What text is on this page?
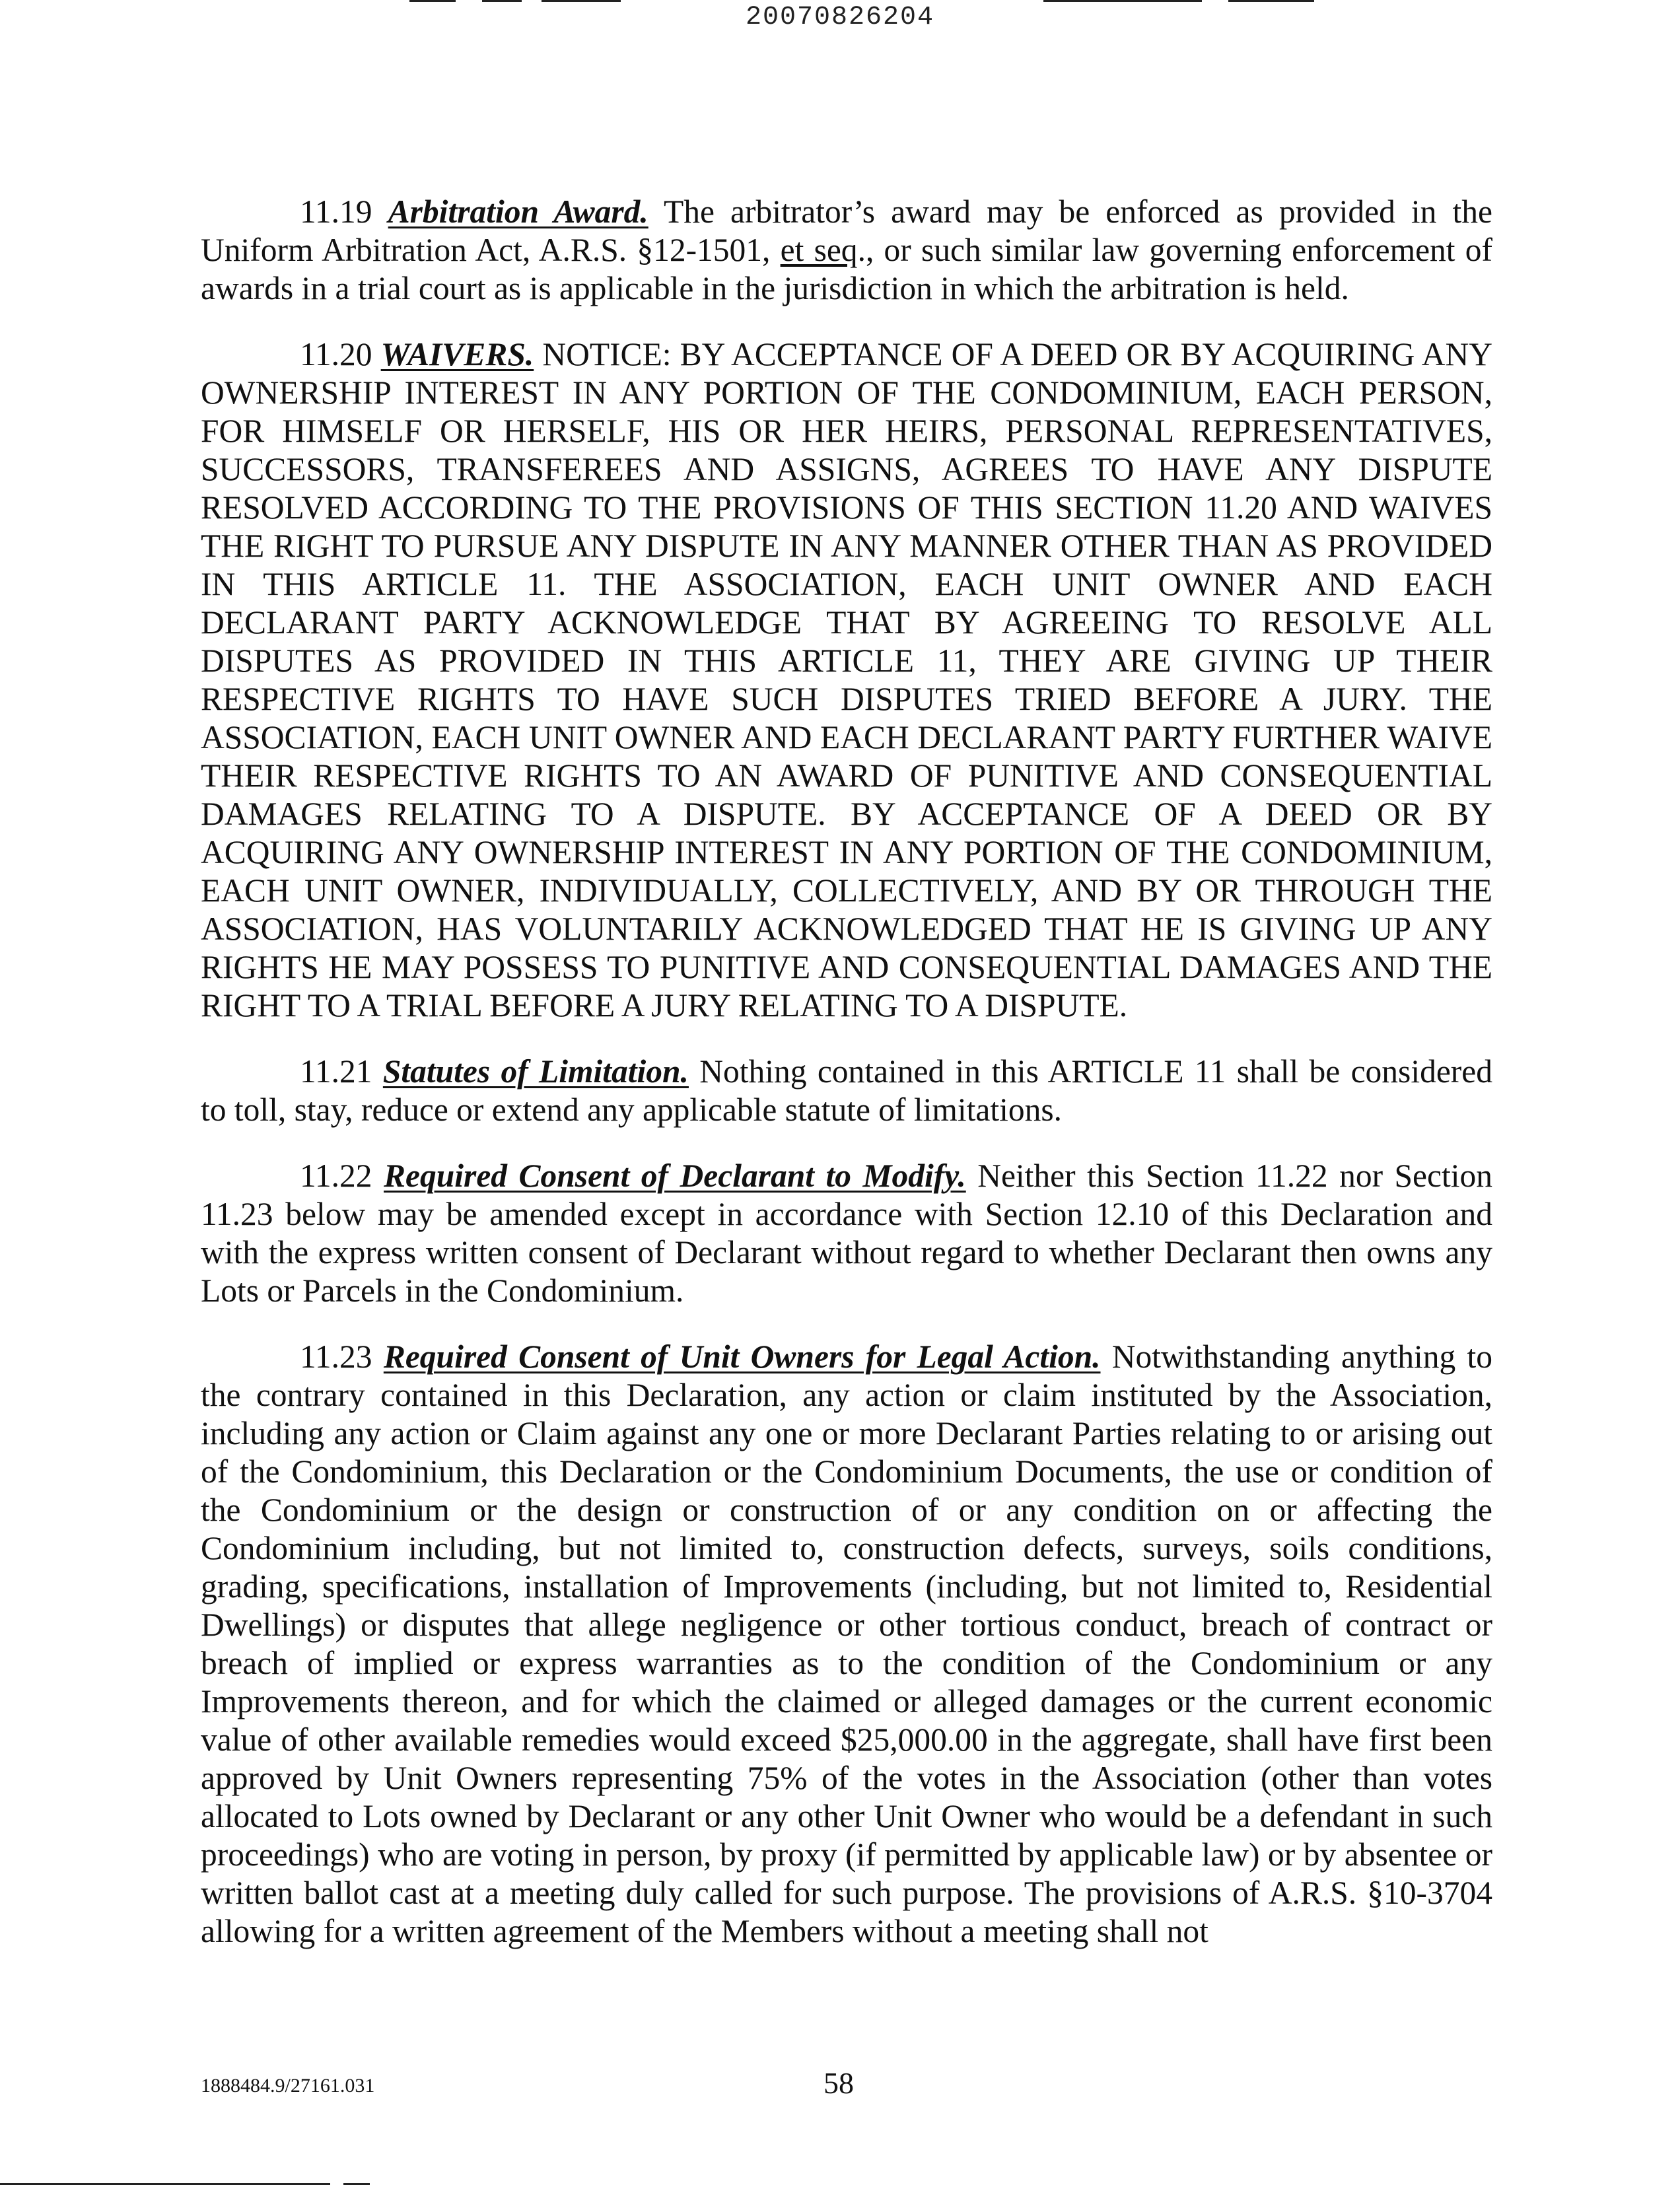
20070826204

11.19 Arbitration Award. The arbitrator’s award may be enforced as provided in the Uniform Arbitration Act, A.R.S. §12-1501, et seq., or such similar law governing enforcement of awards in a trial court as is applicable in the jurisdiction in which the arbitration is held.

11.20 WAIVERS. NOTICE: BY ACCEPTANCE OF A DEED OR BY ACQUIRING ANY OWNERSHIP INTEREST IN ANY PORTION OF THE CONDOMINIUM, EACH PERSON, FOR HIMSELF OR HERSELF, HIS OR HER HEIRS, PERSONAL REPRESENTATIVES, SUCCESSORS, TRANSFEREES AND ASSIGNS, AGREES TO HAVE ANY DISPUTE RESOLVED ACCORDING TO THE PROVISIONS OF THIS SECTION 11.20 AND WAIVES THE RIGHT TO PURSUE ANY DISPUTE IN ANY MANNER OTHER THAN AS PROVIDED IN THIS ARTICLE 11. THE ASSOCIATION, EACH UNIT OWNER AND EACH DECLARANT PARTY ACKNOWLEDGE THAT BY AGREEING TO RESOLVE ALL DISPUTES AS PROVIDED IN THIS ARTICLE 11, THEY ARE GIVING UP THEIR RESPECTIVE RIGHTS TO HAVE SUCH DISPUTES TRIED BEFORE A JURY. THE ASSOCIATION, EACH UNIT OWNER AND EACH DECLARANT PARTY FURTHER WAIVE THEIR RESPECTIVE RIGHTS TO AN AWARD OF PUNITIVE AND CONSEQUENTIAL DAMAGES RELATING TO A DISPUTE. BY ACCEPTANCE OF A DEED OR BY ACQUIRING ANY OWNERSHIP INTEREST IN ANY PORTION OF THE CONDOMINIUM, EACH UNIT OWNER, INDIVIDUALLY, COLLECTIVELY, AND BY OR THROUGH THE ASSOCIATION, HAS VOLUNTARILY ACKNOWLEDGED THAT HE IS GIVING UP ANY RIGHTS HE MAY POSSESS TO PUNITIVE AND CONSEQUENTIAL DAMAGES AND THE RIGHT TO A TRIAL BEFORE A JURY RELATING TO A DISPUTE.

11.21 Statutes of Limitation. Nothing contained in this ARTICLE 11 shall be considered to toll, stay, reduce or extend any applicable statute of limitations.

11.22 Required Consent of Declarant to Modify. Neither this Section 11.22 nor Section 11.23 below may be amended except in accordance with Section 12.10 of this Declaration and with the express written consent of Declarant without regard to whether Declarant then owns any Lots or Parcels in the Condominium.

11.23 Required Consent of Unit Owners for Legal Action. Notwithstanding anything to the contrary contained in this Declaration, any action or claim instituted by the Association, including any action or Claim against any one or more Declarant Parties relating to or arising out of the Condominium, this Declaration or the Condominium Documents, the use or condition of the Condominium or the design or construction of or any condition on or affecting the Condominium including, but not limited to, construction defects, surveys, soils conditions, grading, specifications, installation of Improvements (including, but not limited to, Residential Dwellings) or disputes that allege negligence or other tortious conduct, breach of contract or breach of implied or express warranties as to the condition of the Condominium or any Improvements thereon, and for which the claimed or alleged damages or the current economic value of other available remedies would exceed $25,000.00 in the aggregate, shall have first been approved by Unit Owners representing 75% of the votes in the Association (other than votes allocated to Lots owned by Declarant or any other Unit Owner who would be a defendant in such proceedings) who are voting in person, by proxy (if permitted by applicable law) or by absentee or written ballot cast at a meeting duly called for such purpose. The provisions of A.R.S. §10-3704 allowing for a written agreement of the Members without a meeting shall not

1888484.9/27161.031	58
